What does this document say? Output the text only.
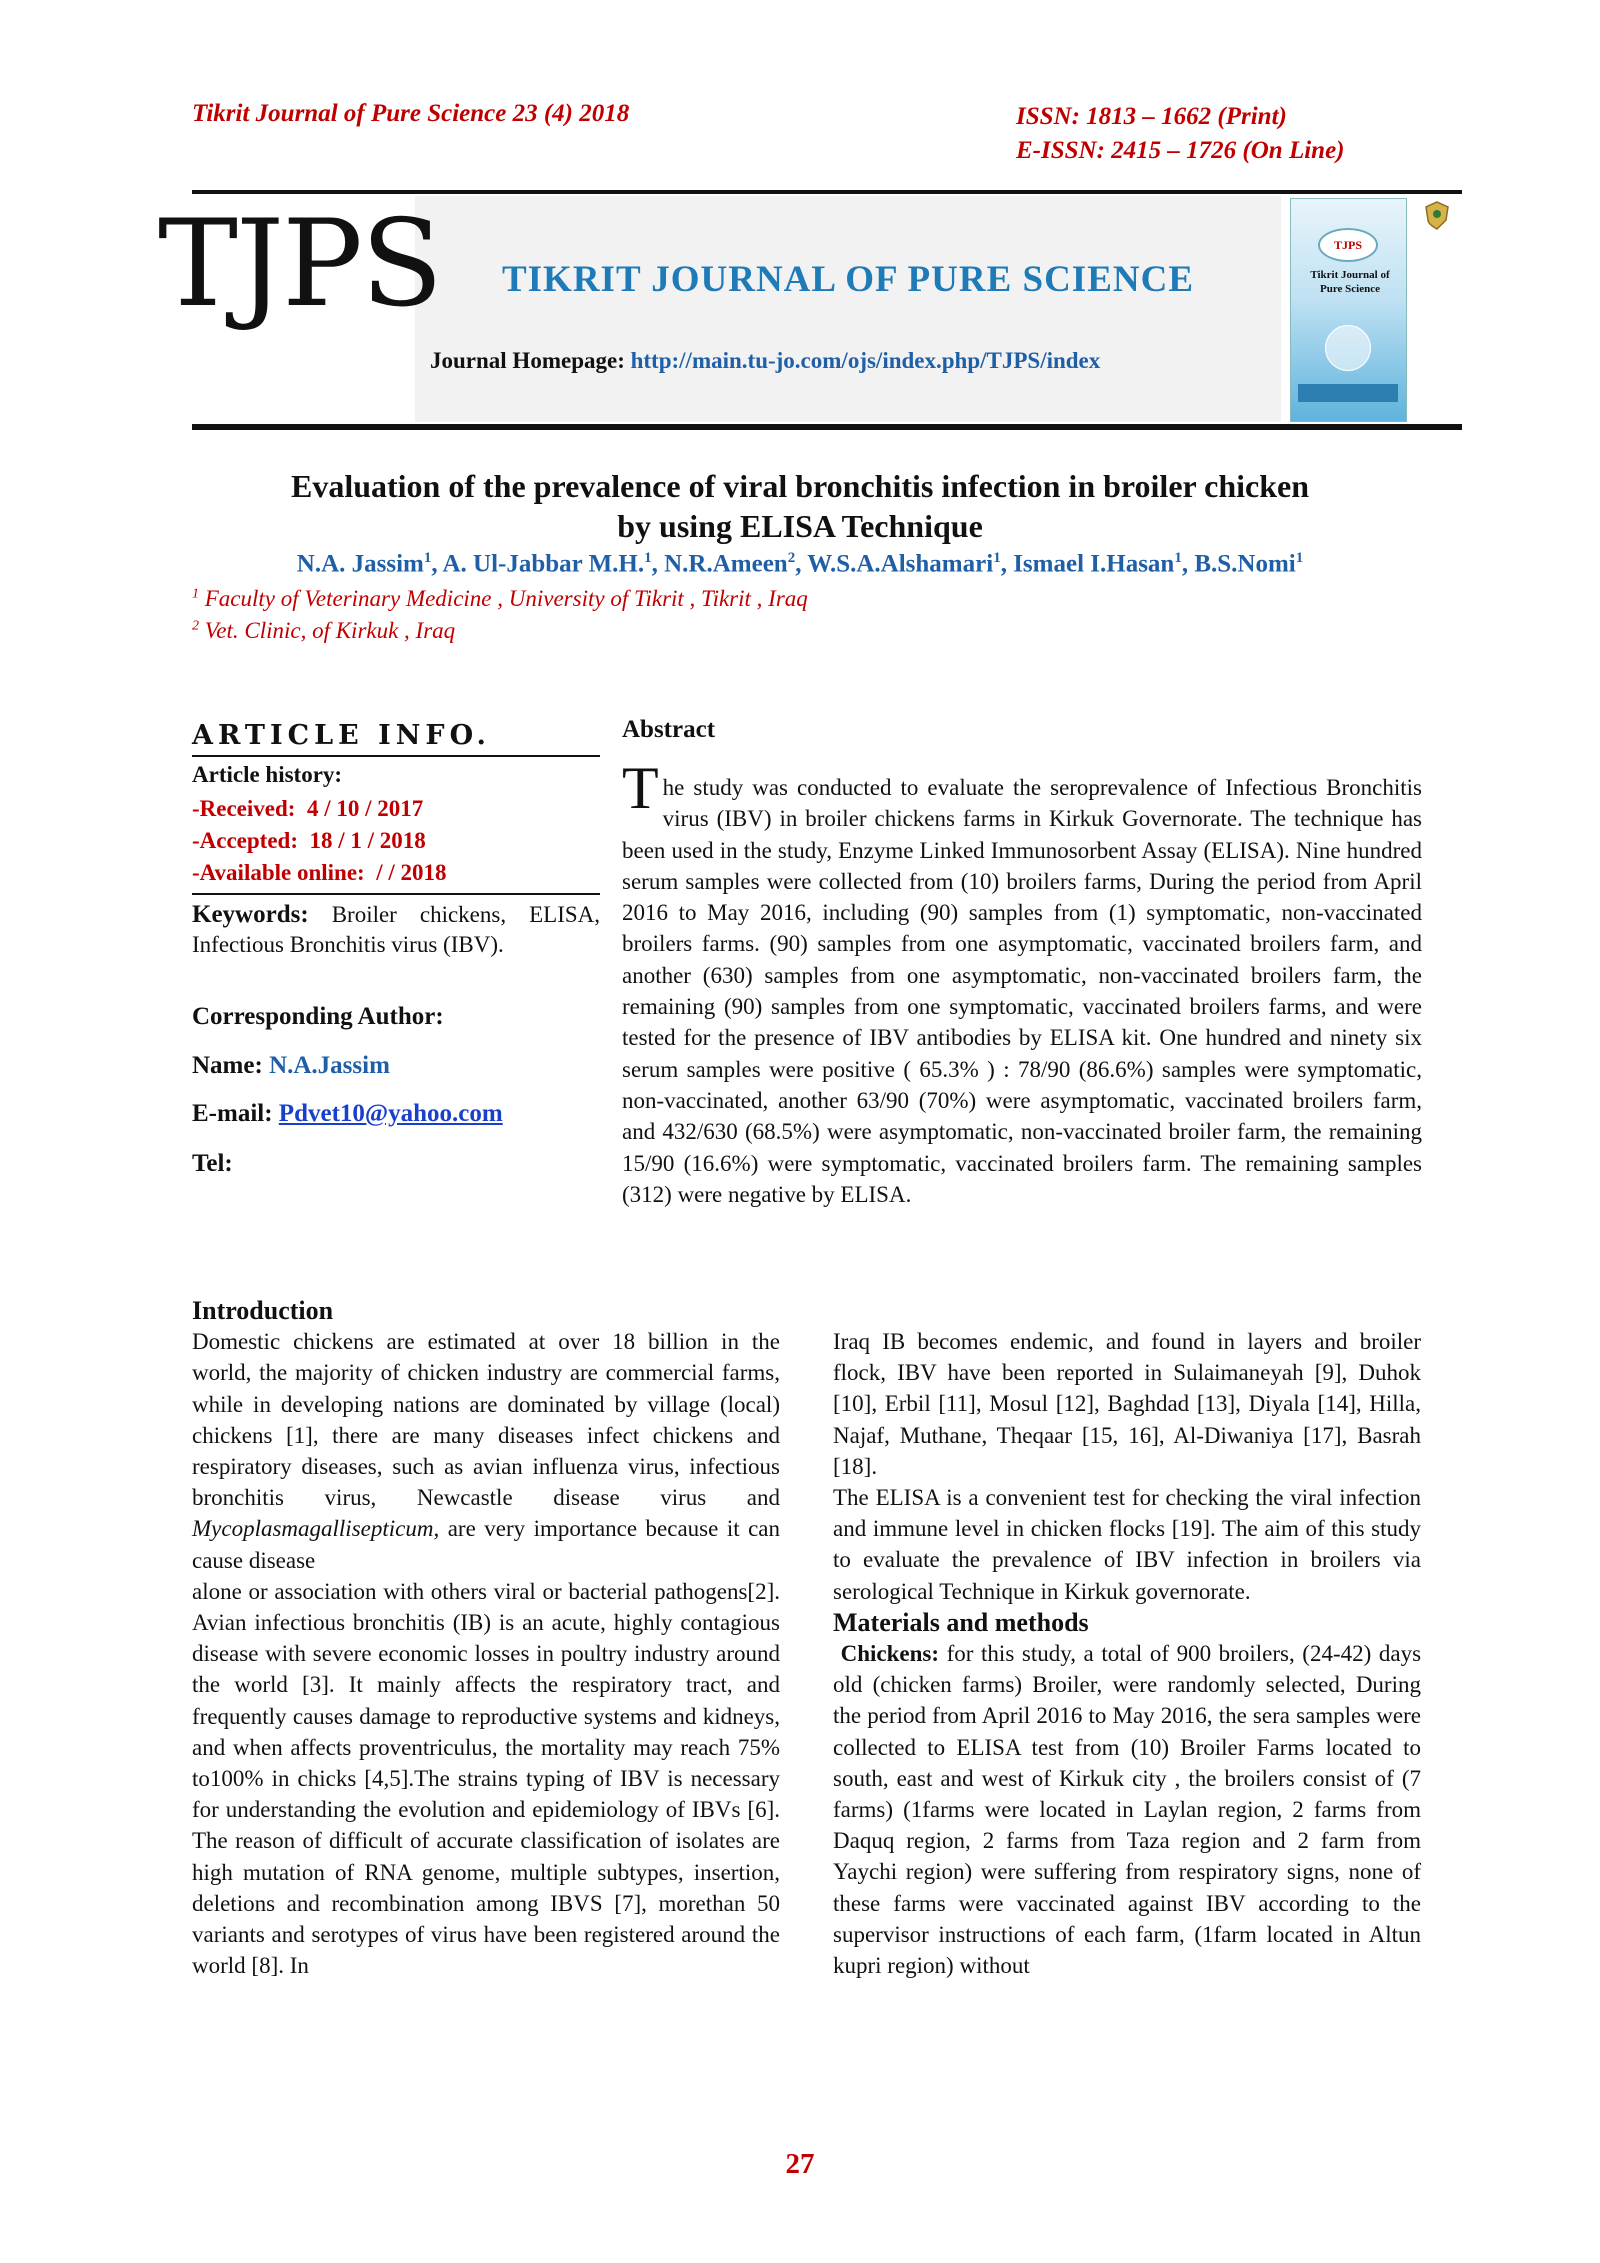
Tikrit Journal of Pure Science 23 (4) 2018	ISSN: 1813 – 1662 (Print)
E-ISSN: 2415 – 1726 (On Line)
TJPS	TIKRIT JOURNAL OF PURE SCIENCE
Journal Homepage: http://main.tu-jo.com/ojs/index.php/TJPS/index
TJPS
Tikrit Journal of Pure Science
Evaluation of the prevalence of viral bronchitis infection in broiler chicken
by using ELISA Technique
N.A. Jassim$^1$, A. Ul-Jabbar M.H.$^1$, N.R.Ameen$^2$, W.S.A.Alshamari$^1$, Ismael I.Hasan$^1$, B.S.Nomi$^1$
$^1$ Faculty of Veterinary Medicine , University of Tikrit , Tikrit , Iraq
$^2$ Vet. Clinic, of Kirkuk , Iraq
ARTICLE INFO.
Article history:
-Received: 4 / 10 / 2017
-Accepted: 18 / 1 / 2018
-Available online: / / 2018
Keywords: Broiler chickens, ELISA, Infectious Bronchitis virus (IBV).
Corresponding Author:
Name: N.A.Jassim
E-mail: Pdvet10@yahoo.com
Tel:
Abstract
The study was conducted to evaluate the seroprevalence of Infectious Bronchitis virus (IBV) in broiler chickens farms in Kirkuk Governorate. The technique has been used in the study, Enzyme Linked Immunosorbent Assay (ELISA). Nine hundred serum samples were collected from (10) broilers farms, During the period from April 2016 to May 2016, including (90) samples from (1) symptomatic, non-vaccinated broilers farms. (90) samples from one asymptomatic, vaccinated broilers farm, and another (630) samples from one asymptomatic, non-vaccinated broilers farm, the remaining (90) samples from one symptomatic, vaccinated broilers farms, and were tested for the presence of IBV antibodies by ELISA kit. One hundred and ninety six serum samples were positive ( 65.3% ) : 78/90 (86.6%) samples were symptomatic, non-vaccinated, another 63/90 (70%) were asymptomatic, vaccinated broilers farm, and 432/630 (68.5%) were asymptomatic, non-vaccinated broiler farm, the remaining 15/90 (16.6%) were symptomatic, vaccinated broilers farm. The remaining samples (312) were negative by ELISA.
Introduction
Domestic chickens are estimated at over 18 billion in the world, the majority of chicken industry are commercial farms, while in developing nations are dominated by village (local) chickens [1], there are many diseases infect chickens and respiratory diseases, such as avian influenza virus, infectious bronchitis virus, Newcastle disease virus and Mycoplasmagallisepticum, are very importance because it can cause disease
alone or association with others viral or bacterial pathogens[2]. Avian infectious bronchitis (IB) is an acute, highly contagious disease with severe economic losses in poultry industry around the world [3]. It mainly affects the respiratory tract, and frequently causes damage to reproductive systems and kidneys, and when affects proventriculus, the mortality may reach 75% to100% in chicks [4,5].The strains typing of IBV is necessary for understanding the evolution and epidemiology of IBVs [6]. The reason of difficult of accurate classification of isolates are high mutation of RNA genome, multiple subtypes, insertion, deletions and recombination among IBVS [7], morethan 50 variants and serotypes of virus have been registered around the world [8]. In
Iraq IB becomes endemic, and found in layers and broiler flock, IBV have been reported in Sulaimaneyah [9], Duhok [10], Erbil [11], Mosul [12], Baghdad [13], Diyala [14], Hilla, Najaf, Muthane, Theqaar [15, 16], Al-Diwaniya [17], Basrah [18].
The ELISA is a convenient test for checking the viral infection and immune level in chicken flocks [19]. The aim of this study to evaluate the prevalence of IBV infection in broilers via serological Technique in Kirkuk governorate.
Materials and methods
Chickens: for this study, a total of 900 broilers, (24-42) days old (chicken farms) Broiler, were randomly selected, During the period from April 2016 to May 2016, the sera samples were collected to ELISA test from (10) Broiler Farms located to south, east and west of Kirkuk city , the broilers consist of (7 farms) (1farms were located in Laylan region, 2 farms from Daquq region, 2 farms from Taza region and 2 farm from Yaychi region) were suffering from respiratory signs, none of these farms were vaccinated against IBV according to the supervisor instructions of each farm, (1farm located in Altun kupri region) without
27
